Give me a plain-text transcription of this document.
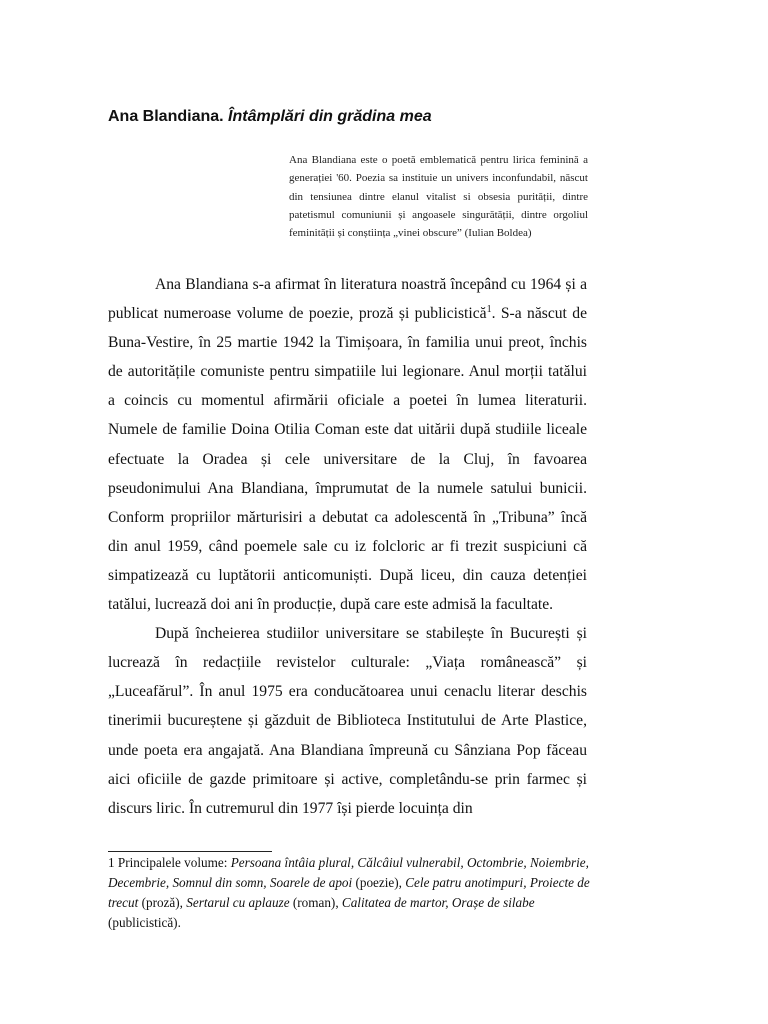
Ana Blandiana. Întâmplări din grădina mea
Ana Blandiana este o poetă emblematică pentru lirica feminină a generației '60. Poezia sa instituie un univers inconfundabil, născut din tensiunea dintre elanul vitalist si obsesia purității, dintre patetismul comuniunii și angoasele singurătății, dintre orgoliul feminității și conștiința „vinei obscure” (Iulian Boldea)

Ana Blandiana s-a afirmat în literatura noastră începând cu 1964 și a publicat numeroase volume de poezie, proză și publicistică$^1$. S-a născut de Buna-Vestire, în 25 martie 1942 la Timișoara, în familia unui preot, închis de autoritățile comuniste pentru simpatiile lui legionare. Anul morții tatălui a coincis cu momentul afirmării oficiale a poetei în lumea literaturii. Numele de familie Doina Otilia Coman este dat uitării după studiile liceale efectuate la Oradea și cele universitare de la Cluj, în favoarea pseudonimului Ana Blandiana, împrumutat de la numele satului bunicii. Conform propriilor mărturisiri a debutat ca adolescentă în „Tribuna” încă din anul 1959, când poemele sale cu iz folcloric ar fi trezit suspiciuni că simpatizează cu luptătorii anticomuniști. După liceu, din cauza detenției tatălui, lucrează doi ani în producție, după care este admisă la facultate.

După încheierea studiilor universitare se stabilește în București și lucrează în redacțiile revistelor culturale: „Viața românească” și „Luceafărul”. În anul 1975 era conducătoarea unui cenaclu literar deschis tinerimii bucureștene și găzduit de Biblioteca Institutului de Arte Plastice, unde poeta era angajată. Ana Blandiana împreună cu Sânziana Pop făceau aici oficiile de gazde primitoare și active, completându-se prin farmec și discurs liric. În cutremurul din 1977 își pierde locuința din

1 Principalele volume: Persoana întâia plural, Călcâiul vulnerabil, Octombrie, Noiembrie, Decembrie, Somnul din somn, Soarele de apoi (poezie), Cele patru anotimpuri, Proiecte de trecut (proză), Sertarul cu aplauze (roman), Calitatea de martor, Orașe de silabe (publicistică).
